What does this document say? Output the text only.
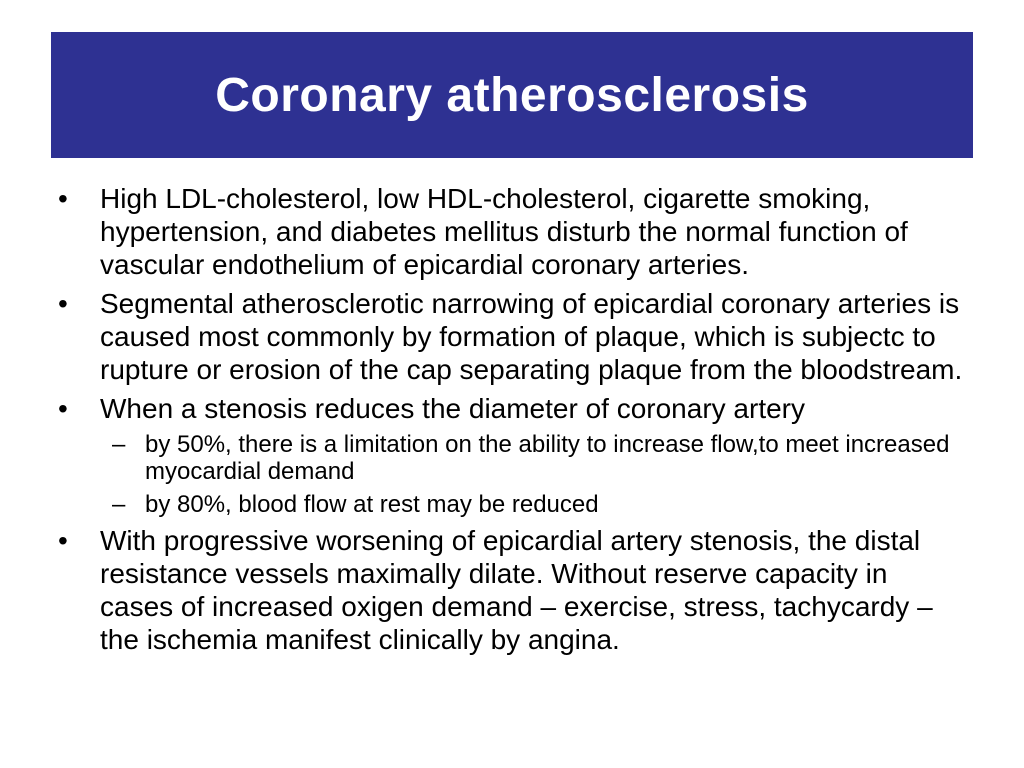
Coronary atherosclerosis

• High LDL-cholesterol, low HDL-cholesterol, cigarette smoking, hypertension, and diabetes mellitus disturb the normal function of vascular endothelium of epicardial coronary arteries.

• Segmental atherosclerotic narrowing of epicardial coronary arteries is caused most commonly by formation of plaque, which is subjectc to rupture or erosion of the cap separating plaque from the bloodstream.

• When a stenosis reduces the diameter of coronary artery

– by 50%, there is a limitation on the ability to increase flow,to meet increased myocardial demand

– by 80%, blood flow at rest may be reduced

• With progressive worsening of epicardial artery stenosis, the distal resistance vessels maximally dilate. Without reserve capacity in cases of increased oxigen demand – exercise, stress, tachycardy – the ischemia manifest clinically by angina.
